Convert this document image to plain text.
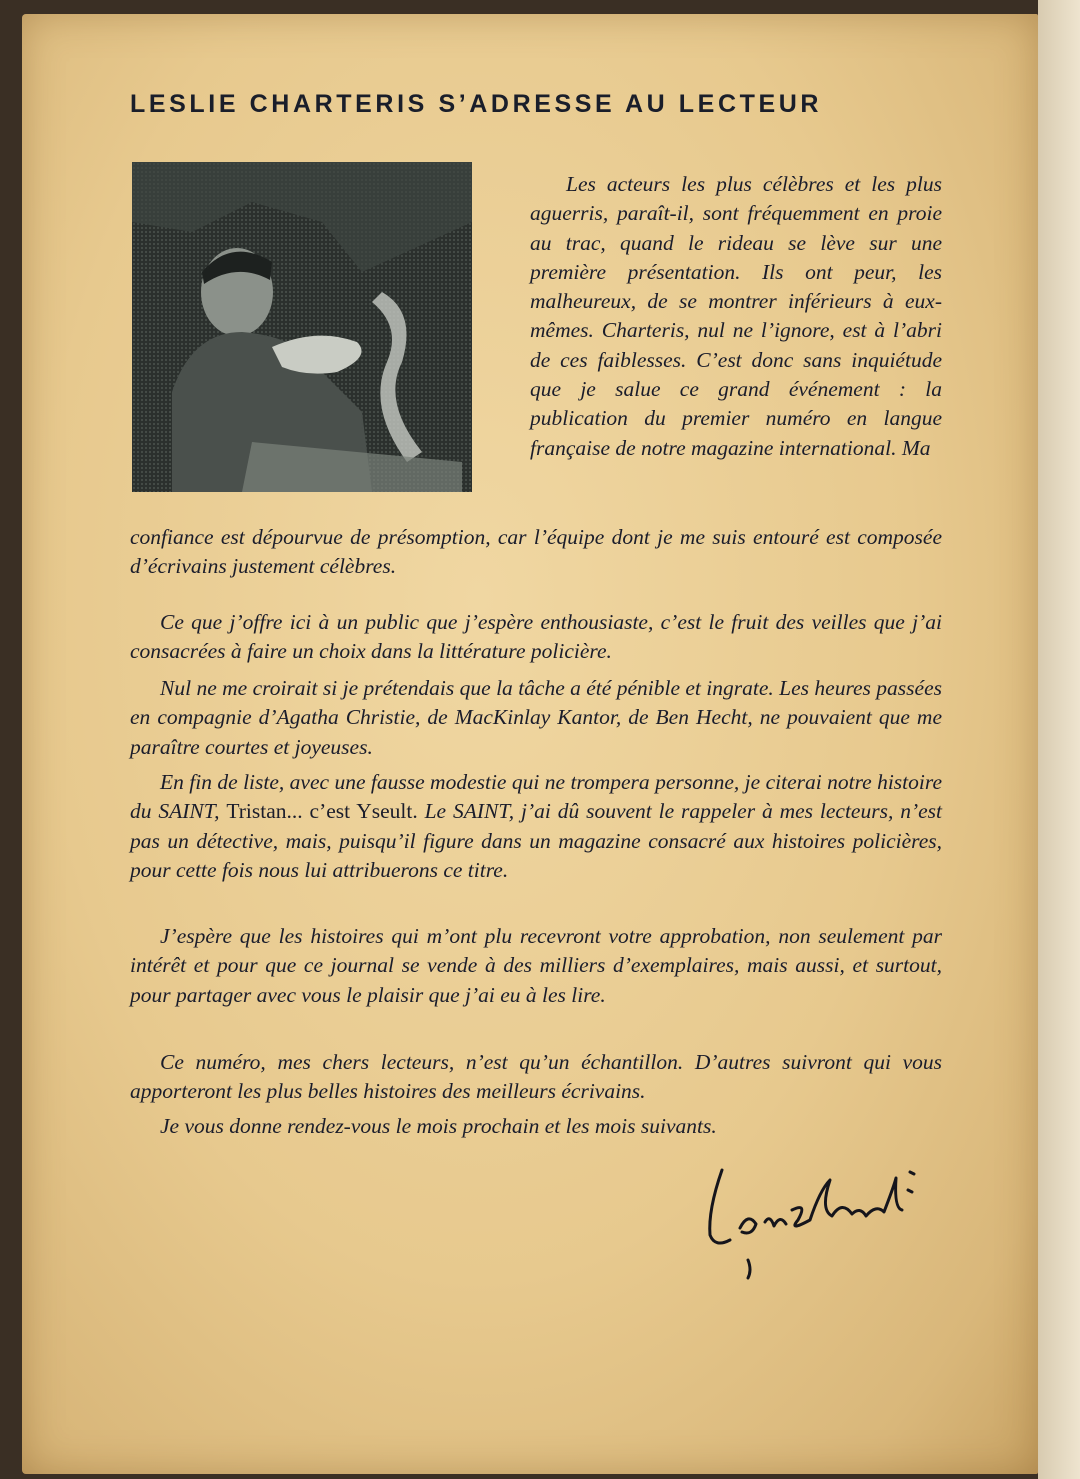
LESLIE CHARTERIS S’ADRESSE AU LECTEUR
Les acteurs les plus célèbres et les plus aguerris, paraît-il, sont fréquemment en proie au trac, quand le rideau se lève sur une première présentation. Ils ont peur, les malheureux, de se montrer inférieurs à eux-mêmes. Charteris, nul ne l’ignore, est à l’abri de ces faiblesses. C’est donc sans inquiétude que je salue ce grand événement : la publication du premier numéro en langue française de notre magazine international. Ma
confiance est dépourvue de présomption, car l’équipe dont je me suis entouré est composée d’écrivains justement célèbres.
Ce que j’offre ici à un public que j’espère enthousiaste, c’est le fruit des veilles que j’ai consacrées à faire un choix dans la littérature policière.
Nul ne me croirait si je prétendais que la tâche a été pénible et ingrate. Les heures passées en compagnie d’Agatha Christie, de MacKinlay Kantor, de Ben Hecht, ne pouvaient que me paraître courtes et joyeuses.
En fin de liste, avec une fausse modestie qui ne trompera personne, je citerai notre histoire du SAINT, Tristan... c’est Yseult. Le SAINT, j’ai dû souvent le rappeler à mes lecteurs, n’est pas un détective, mais, puisqu’il figure dans un magazine consacré aux histoires policières, pour cette fois nous lui attribuerons ce titre.
J’espère que les histoires qui m’ont plu recevront votre approbation, non seulement par intérêt et pour que ce journal se vende à des milliers d’exemplaires, mais aussi, et surtout, pour partager avec vous le plaisir que j’ai eu à les lire.
Ce numéro, mes chers lecteurs, n’est qu’un échantillon. D’autres suivront qui vous apporteront les plus belles histoires des meilleurs écrivains.
Je vous donne rendez-vous le mois prochain et les mois suivants.
